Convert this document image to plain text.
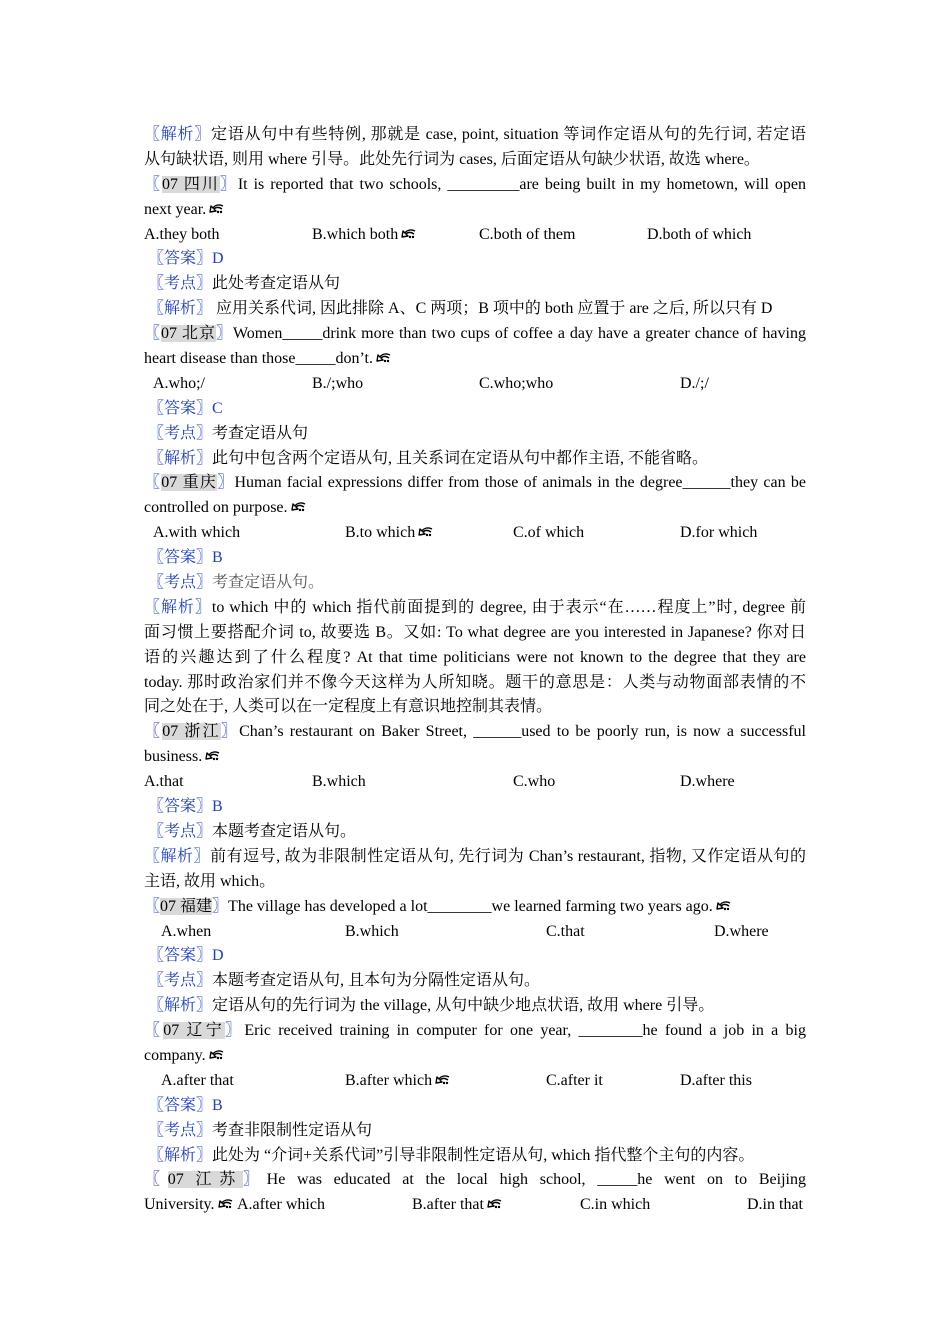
〖解析〗定语从句中有些特例, 那就是 case, point, situation 等词作定语从句的先行词, 若定语
从句缺状语, 则用 where 引导。此处先行词为 cases, 后面定语从句缺少状语, 故选 where。
〖07 四川〗It is reported that two schools, _________are being built in my hometown, will open
next year.
A.they both	B.which both	C.both of them	D.both of which
〖答案〗D
〖考点〗此处考查定语从句
〖解析〗 应用关系代词, 因此排除 A、C 两项；B 项中的 both 应置于 are 之后, 所以只有 D
〖07 北京〗Women_____drink more than two cups of coffee a day have a greater chance of having
heart disease than those_____don’t.
A.who;/	B./;who	C.who;who	D./;/
〖答案〗C
〖考点〗考查定语从句
〖解析〗此句中包含两个定语从句, 且关系词在定语从句中都作主语, 不能省略。
〖07 重庆〗Human facial expressions differ from those of animals in the degree______they can be
controlled on purpose.
A.with which	B.to which	C.of which	D.for which
〖答案〗B
〖考点〗考查定语从句。
〖解析〗to which 中的 which 指代前面提到的 degree, 由于表示“在……程度上”时, degree 前
面习惯上要搭配介词 to, 故要选 B。又如: To what degree are you interested in Japanese? 你对日
语的兴趣达到了什么程度? At that time politicians were not known to the degree that they are
today. 那时政治家们并不像今天这样为人所知晓。题干的意思是：人类与动物面部表情的不
同之处在于, 人类可以在一定程度上有意识地控制其表情。
〖07 浙江〗Chan’s restaurant on Baker Street, ______used to be poorly run, is now a successful
business.
A.that	B.which	C.who	D.where
〖答案〗B
〖考点〗本题考查定语从句。
〖解析〗前有逗号, 故为非限制性定语从句, 先行词为 Chan’s restaurant, 指物, 又作定语从句的
主语, 故用 which。
〖07 福建〗The village has developed a lot________we learned farming two years ago.
A.when	B.which	C.that	D.where
〖答案〗D
〖考点〗本题考查定语从句, 且本句为分隔性定语从句。
〖解析〗定语从句的先行词为 the village, 从句中缺少地点状语, 故用 where 引导。
〖07 辽宁〗Eric received training in computer for one year, ________he found a job in a big
company.
A.after that	B.after which	C.after it	D.after this
〖答案〗B
〖考点〗考查非限制性定语从句
〖解析〗此处为 “介词+关系代词”引导非限制性定语从句, which 指代整个主句的内容。
〖07 江苏〗He was educated at the local high school, _____he went on to Beijing
University. A.after which	B.after that	C.in which	D.in that
